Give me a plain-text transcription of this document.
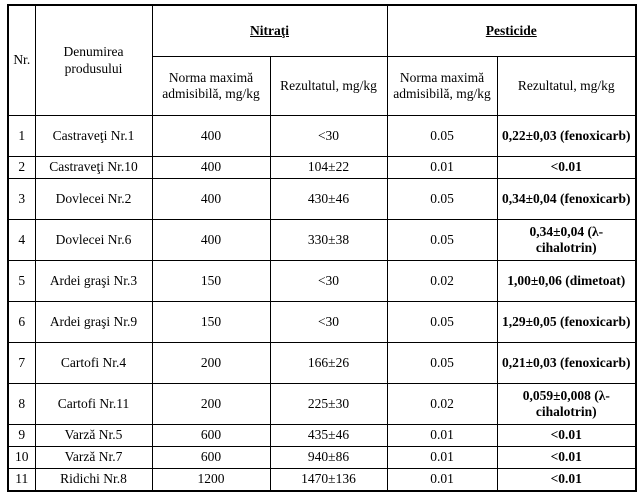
Nr.	Denumirea produsului	Nitraţi		Pesticide	
		Norma maximă admisibilă, mg/kg	Rezultatul, mg/kg	Norma maximă admisibilă, mg/kg	Rezultatul, mg/kg
1	Castraveţi Nr.1	400	<30	0.05	0,22±0,03 (fenoxicarb)
2	Castraveţi Nr.10	400	104±22	0.01	<0.01
3	Dovlecei Nr.2	400	430±46	0.05	0,34±0,04 (fenoxicarb)
4	Dovlecei Nr.6	400	330±38	0.05	0,34±0,04 (λ-cihalotrin)
5	Ardei graşi Nr.3	150	<30	0.02	1,00±0,06 (dimetoat)
6	Ardei graşi Nr.9	150	<30	0.05	1,29±0,05 (fenoxicarb)
7	Cartofi Nr.4	200	166±26	0.05	0,21±0,03 (fenoxicarb)
8	Cartofi Nr.11	200	225±30	0.02	0,059±0,008 (λ-cihalotrin)
9	Varză Nr.5	600	435±46	0.01	<0.01
10	Varză Nr.7	600	940±86	0.01	<0.01
11	Ridichi Nr.8	1200	1470±136	0.01	<0.01
